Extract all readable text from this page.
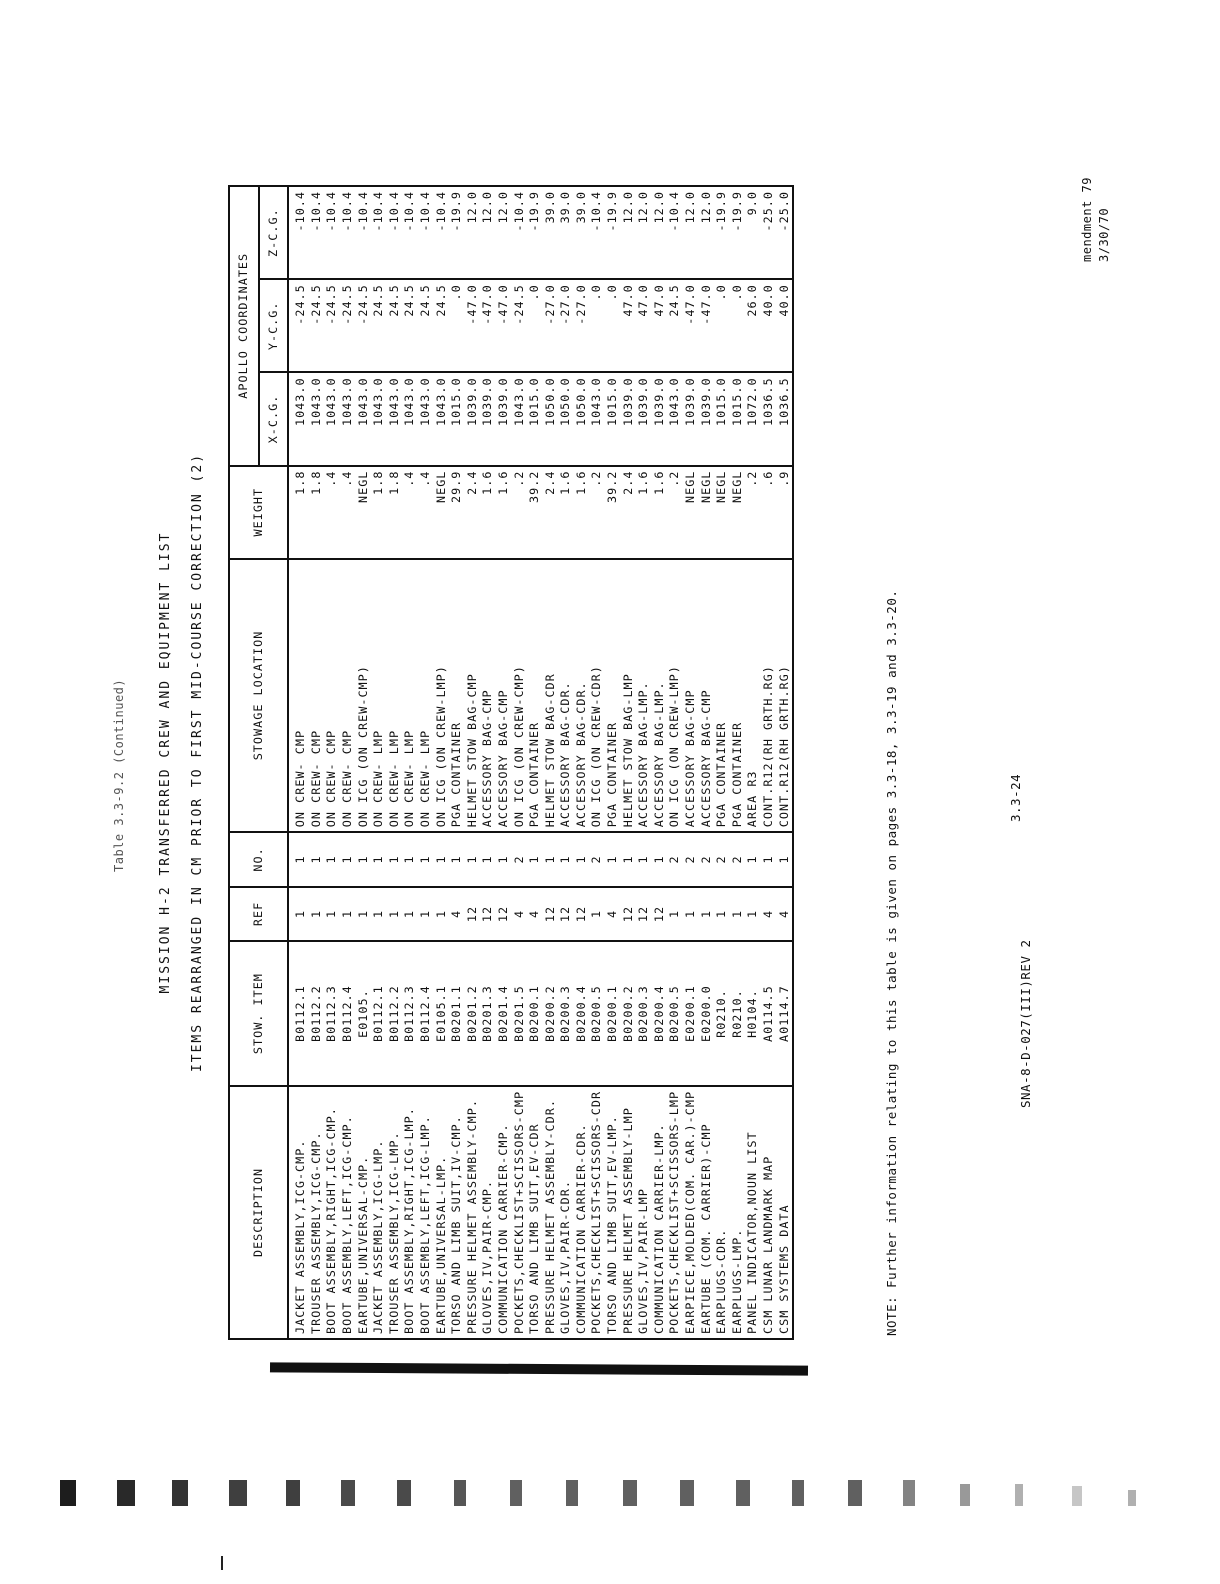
mendment 79 3/30/70
Table 3.3-9.2 (Continued) MISSION H-2 TRANSFERRED CREW AND EQUIPMENT LIST ITEMS REARRANGED IN CM PRIOR TO FIRST MID-COURSE CORRECTION (2)
DESCRIPTION	STOW. ITEM	REF	NO.	STOWAGE LOCATION	WEIGHT	APOLLO COORDINATES		
						X-C.G.	Y-C.G.	Z-C.G.
JACKET ASSEMBLY,ICG-CMP.	B0112.1	1	1	ON CREW- CMP	1.8	1043.0	-24.5	-10.4
TROUSER ASSEMBLY,ICG-CMP.	B0112.2	1	1	ON CREW- CMP	1.8	1043.0	-24.5	-10.4
BOOT ASSEMBLY,RIGHT,ICG-CMP.	B0112.3	1	1	ON CREW- CMP	.4	1043.0	-24.5	-10.4
BOOT ASSEMBLY,LEFT,ICG-CMP.	B0112.4	1	1	ON CREW- CMP	.4	1043.0	-24.5	-10.4
EARTUBE,UNIVERSAL-CMP.	E0105.	1	1	ON ICG (ON CREW-CMP)	NEGL	1043.0	-24.5	-10.4
JACKET ASSEMBLY,ICG-LMP.	B0112.1	1	1	ON CREW- LMP	1.8	1043.0	24.5	-10.4
TROUSER ASSEMBLY,ICG-LMP.	B0112.2	1	1	ON CREW- LMP	1.8	1043.0	24.5	-10.4
BOOT ASSEMBLY,RIGHT,ICG-LMP.	B0112.3	1	1	ON CREW- LMP	.4	1043.0	24.5	-10.4
BOOT ASSEMBLY,LEFT,ICG-LMP.	B0112.4	1	1	ON CREW- LMP	.4	1043.0	24.5	-10.4
EARTUBE,UNIVERSAL-LMP.	E0105.1	1	1	ON ICG (ON CREW-LMP)	NEGL	1043.0	24.5	-10.4
TORSO AND LIMB SUIT,IV-CMP.	B0201.1	4	1	PGA CONTAINER	29.9	1015.0	.0	-19.9
PRESSURE HELMET ASSEMBLY-CMP.	B0201.2	12	1	HELMET STOW BAG-CMP	2.4	1039.0	-47.0	12.0
GLOVES,IV,PAIR-CMP.	B0201.3	12	1	ACCESSORY BAG-CMP	1.6	1039.0	-47.0	12.0
COMMUNICATION CARRIER-CMP.	B0201.4	12	1	ACCESSORY BAG-CMP	1.6	1039.0	-47.0	12.0
POCKETS,CHECKLIST+SCISSORS-CMP	B0201.5	4	2	ON ICG (ON CREW-CMP)	.2	1043.0	-24.5	-10.4
TORSO AND LIMB SUIT,EV-CDR	B0200.1	4	1	PGA CONTAINER	39.2	1015.0	.0	-19.9
PRESSURE HELMET ASSEMBLY-CDR.	B0200.2	12	1	HELMET STOW BAG-CDR	2.4	1050.0	-27.0	39.0
GLOVES,IV,PAIR-CDR.	B0200.3	12	1	ACCESSORY BAG-CDR.	1.6	1050.0	-27.0	39.0
COMMUNICATION CARRIER-CDR.	B0200.4	12	1	ACCESSORY BAG-CDR.	1.6	1050.0	-27.0	39.0
POCKETS,CHECKLIST+SCISSORS-CDR	B0200.5	1	2	ON ICG (ON CREW-CDR)	.2	1043.0	.0	-10.4
TORSO AND LIMB SUIT,EV-LMP.	B0200.1	4	1	PGA CONTAINER	39.2	1015.0	.0	-19.9
PRESSURE HELMET ASSEMBLY-LMP	B0200.2	12	1	HELMET STOW BAG-LMP	2.4	1039.0	47.0	12.0
GLOVES,IV,PAIR-LMP	B0200.3	12	1	ACCESSORY BAG-LMP.	1.6	1039.0	47.0	12.0
COMMUNICATION CARRIER-LMP.	B0200.4	12	1	ACCESSORY BAG-LMP.	1.6	1039.0	47.0	12.0
POCKETS,CHECKLIST+SCISSORS-LMP	B0200.5	1	2	ON ICG (ON CREW-LMP)	.2	1043.0	24.5	-10.4
EARPIECE,MOLDED(COM. CAR.)-CMP	E0200.1	1	2	ACCESSORY BAG-CMP	NEGL	1039.0	-47.0	12.0
EARTUBE (COM. CARRIER)-CMP	E0200.0	1	2	ACCESSORY BAG-CMP	NEGL	1039.0	-47.0	12.0
EARPLUGS-CDR.	R0210.	1	2	PGA CONTAINER	NEGL	1015.0	.0	-19.9
EARPLUGS-LMP.	R0210.	1	2	PGA CONTAINER	NEGL	1015.0	.0	-19.9
PANEL INDICATOR,NOUN LIST	H0104.	1	1	AREA R3	.2	1072.0	26.0	9.0
CSM LUNAR LANDMARK MAP	A0114.5	4	1	CONT.R12(RH GRTH.RG)	.6	1036.5	40.0	-25.0
CSM SYSTEMS DATA	A0114.7	4	1	CONT.R12(RH GRTH.RG)	.9	1036.5	40.0	-25.0
NOTE: Further information relating to this table is given on pages 3.3-18, 3.3-19 and 3.3-20.	3.3-24
SNA-8-D-027(III)REV 2
